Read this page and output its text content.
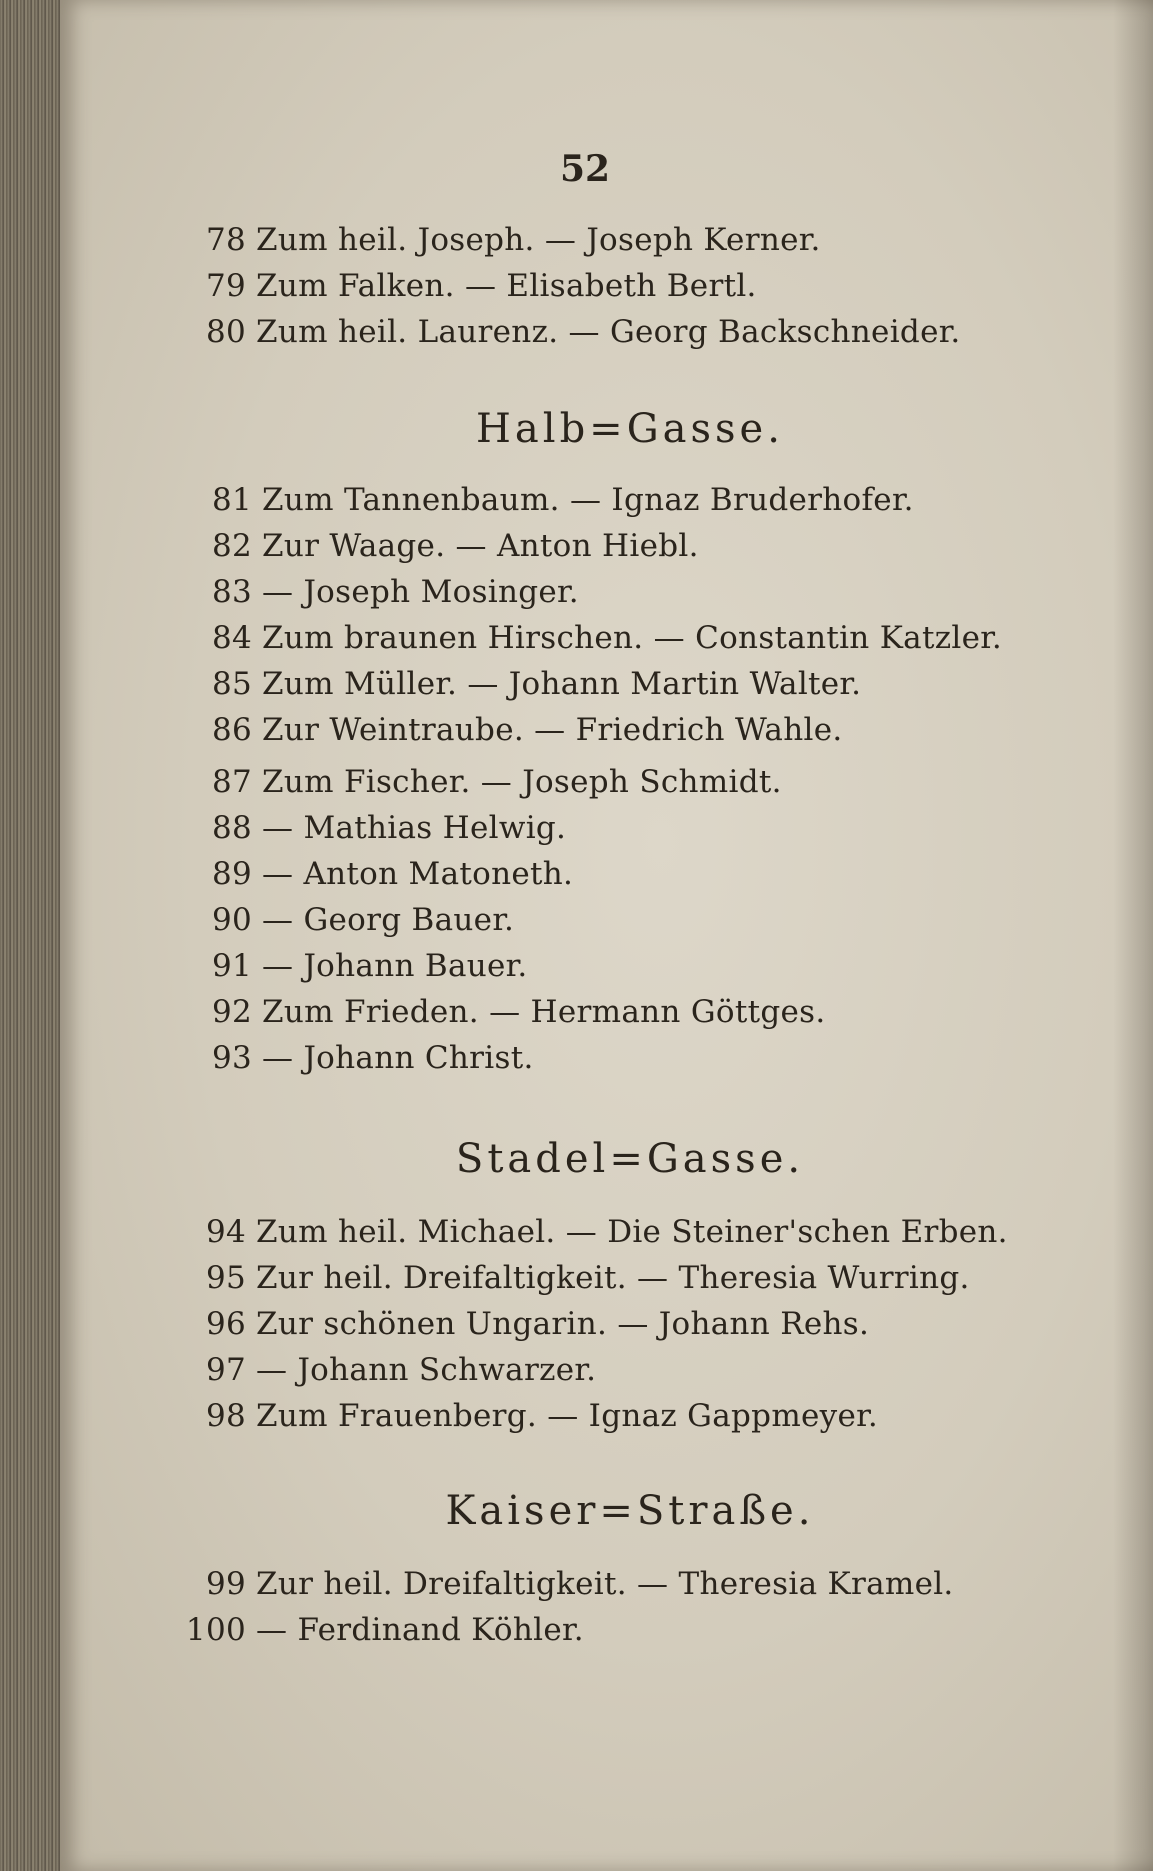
52
78 Zum heil. Joseph. — Joseph Kerner.
79 Zum Falken. — Elisabeth Bertl.
80 Zum heil. Laurenz. — Georg Backschneider.
Halb=Gasse.
81 Zum Tannenbaum. — Ignaz Bruderhofer.
82 Zur Waage. — Anton Hiebl.
83 — Joseph Mosinger.
84 Zum braunen Hirschen. — Constantin Katzler.
85 Zum Müller. — Johann Martin Walter.
86 Zur Weintraube. — Friedrich Wahle.
87 Zum Fischer. — Joseph Schmidt.
88 — Mathias Helwig.
89 — Anton Matoneth.
90 — Georg Bauer.
91 — Johann Bauer.
92 Zum Frieden. — Hermann Göttges.
93 — Johann Christ.
Stadel=Gasse.
94 Zum heil. Michael. — Die Steiner'schen Erben.
95 Zur heil. Dreifaltigkeit. — Theresia Wurring.
96 Zur schönen Ungarin. — Johann Rehs.
97 — Johann Schwarzer.
98 Zum Frauenberg. — Ignaz Gappmeyer.
Kaiser=Straße.
99 Zur heil. Dreifaltigkeit. — Theresia Kramel.
100 — Ferdinand Köhler.
